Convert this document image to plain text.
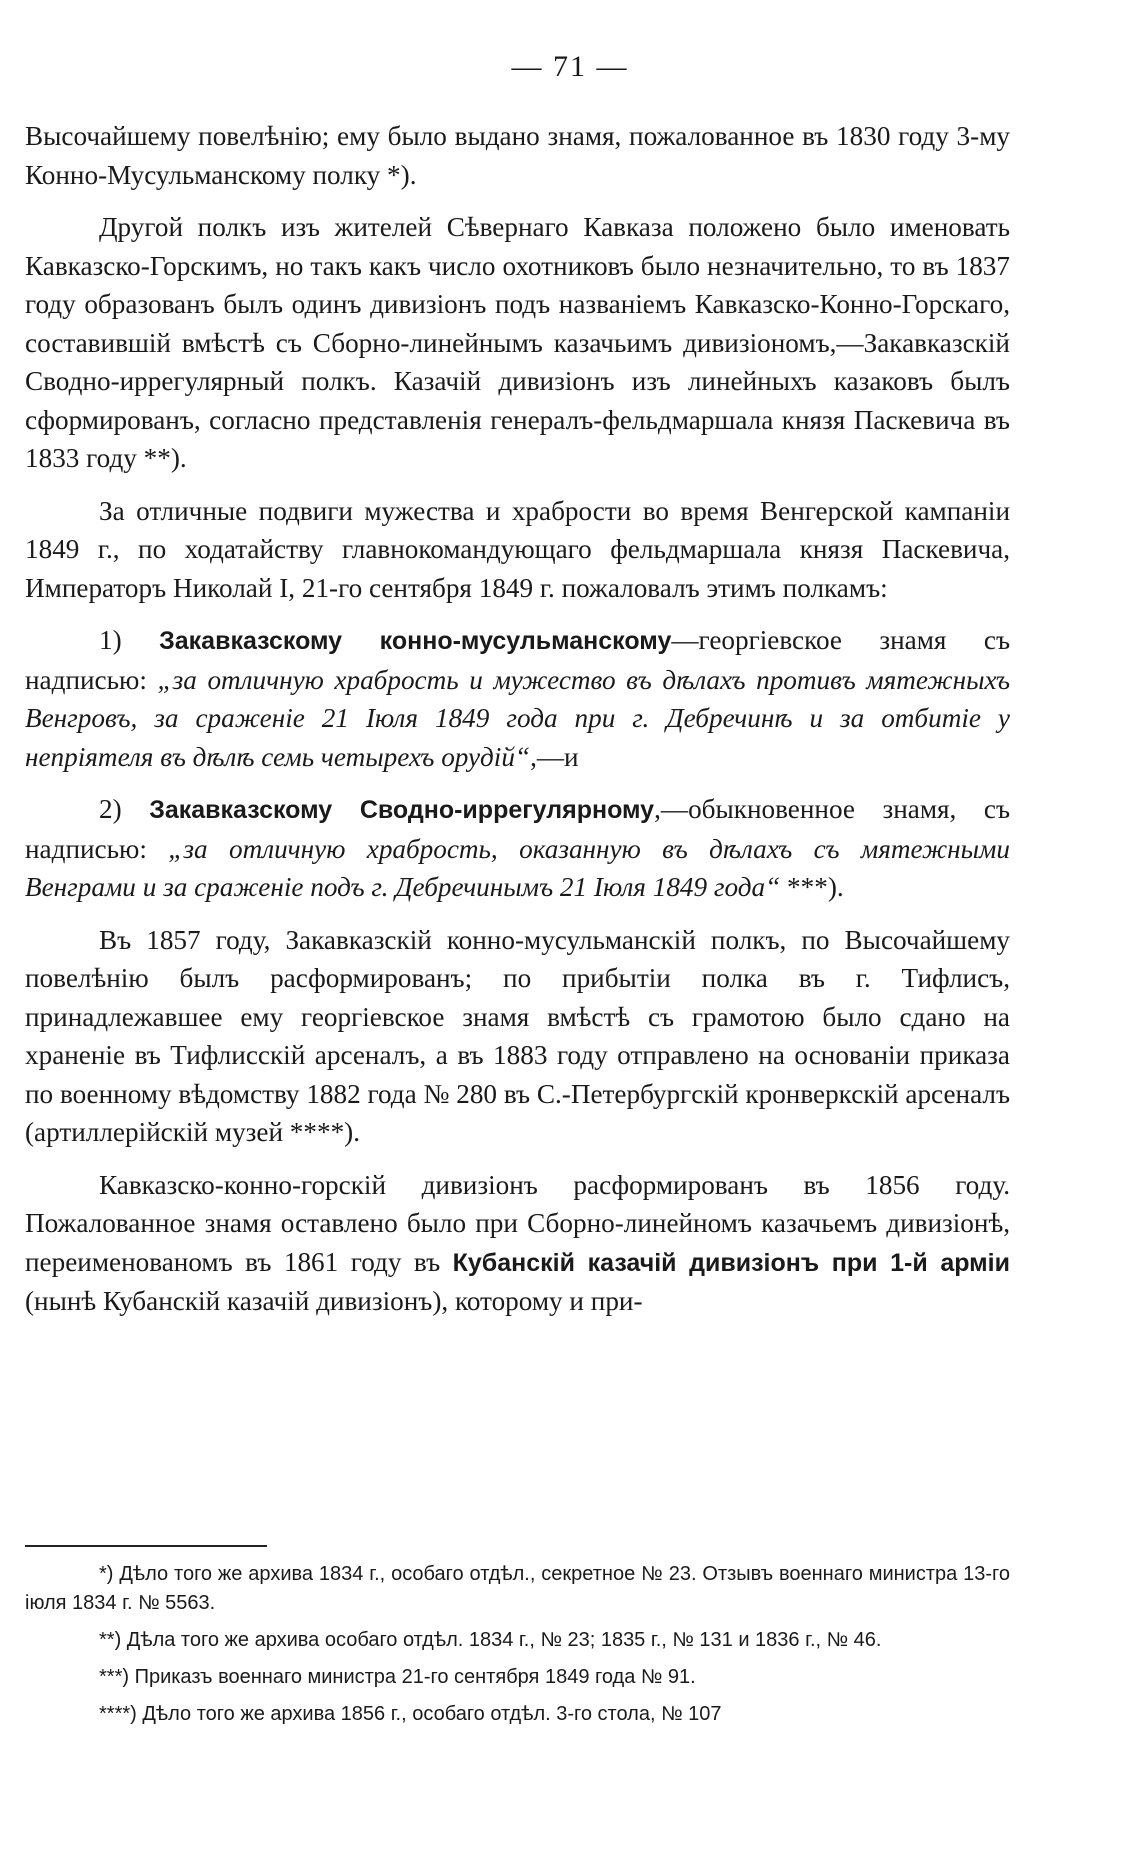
— 71 —

Высочайшему повелѣнію; ему было выдано знамя, пожалованное въ 1830 году 3-му Конно-Мусульманскому полку *).

Другой полкъ изъ жителей Сѣвернаго Кавказа положено было именовать Кавказско-Горскимъ, но такъ какъ число охотниковъ было незначительно, то въ 1837 году образованъ былъ одинъ дивизіонъ подъ названіемъ Кавказско-Конно-Горскаго, составившій вмѣстѣ съ Сборно-линейнымъ казачьимъ дивизіономъ,—Закавказскій Сводно-иррегулярный полкъ. Казачій дивизіонъ изъ линейныхъ казаковъ былъ сформированъ, согласно представленія генералъ-фельдмаршала князя Паскевича въ 1833 году **).

За отличные подвиги мужества и храбрости во время Венгерской кампаніи 1849 г., по ходатайству главнокомандующаго фельдмаршала князя Паскевича, Императоръ Николай I, 21-го сентября 1849 г. пожаловалъ этимъ полкамъ:

1) Закавказскому конно-мусульманскому—георгіевское знамя съ надписью: „за отличную храбрость и мужество въ дѣлахъ противъ мятежныхъ Венгровъ, за сраженіе 21 Іюля 1849 года при г. Дебречинѣ и за отбитіе у непріятеля въ дѣлѣ семь четырехъ орудій“,—и

2) Закавказскому Сводно-иррегулярному,—обыкновенное знамя, съ надписью: „за отличную храбрость, оказанную въ дѣлахъ съ мятежными Венграми и за сраженіе подъ г. Дебречинымъ 21 Іюля 1849 года“ ***).

Въ 1857 году, Закавказскій конно-мусульманскій полкъ, по Высочайшему повелѣнію былъ расформированъ; по прибытіи полка въ г. Тифлисъ, принадлежавшее ему георгіевское знамя вмѣстѣ съ грамотою было сдано на храненіе въ Тифлисскій арсеналъ, а въ 1883 году отправлено на основаніи приказа по военному вѣдомству 1882 года № 280 въ С.-Петербургскій кронверкскій арсеналъ (артиллерійскій музей ****).

Кавказско-конно-горскій дивизіонъ расформированъ въ 1856 году. Пожалованное знамя оставлено было при Сборно-линейномъ казачьемъ дивизіонѣ, переименованомъ въ 1861 году въ Кубанскій казачій дивизіонъ при 1-й арміи (нынѣ Кубанскій казачій дивизіонъ), которому и при-

*) Дѣло того же архива 1834 г., особаго отдѣл., секретное № 23. Отзывъ военнаго министра 13-го іюля 1834 г. № 5563.

**) Дѣла того же архива особаго отдѣл. 1834 г., № 23; 1835 г., № 131 и 1836 г., № 46.

***) Приказъ военнаго министра 21-го сентября 1849 года № 91.

****) Дѣло того же архива 1856 г., особаго отдѣл. 3-го стола, № 107
